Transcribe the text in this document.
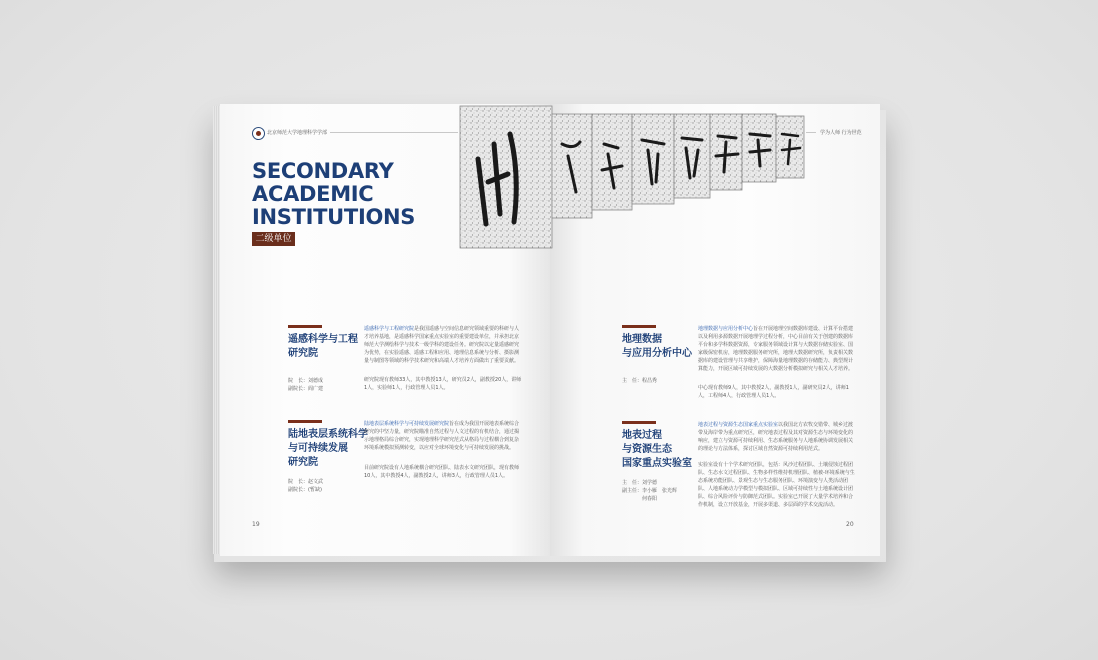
北京师范大学地理科学学部	学为人师 行为世范
SECONDARY
ACADEMIC
INSTITUTIONS
二级单位
遥感科学与工程
研究院
院　长：刘德成
副院长：阎广建
遥感科学与工程研究院是我国遥感与空间信息研究领域重要的科研与人才培养基地，是遥感科学国家重点实验室的重要建设单位，并承担北京师范大学测绘科学与技术一级学科的建设任务。研究院以定量遥感研究为优势，在实验遥感、遥感工程和应用、地理信息系统与分析、摄影测量与制图等领域的科学技术研究和高端人才培养方面做出了重要贡献。
研究院现有教师33人，其中教授13人，研究员2人，副教授20人，讲师1人，实验师1人，行政管理人员1人。
陆地表层系统科学
与可持续发展
研究院
院　长：赵文武
副院长：(暂缺)
陆地表层系统科学与可持续发展研究院旨在成为我国开展地表系统综合研究的中坚力量，研究院瞄准自然过程与人文过程的有机结合，通过揭示地理格局综合研究，实现地理科学研究范式从格局与过程耦合到复杂环境系统模拟预测转变，以应对全球环境变化与可持续发展的挑战。
目前研究院设有人地系统耦合研究团队、陆表水文研究团队，现有教师10人，其中教授4人，副教授2人，讲师3人，行政管理人员1人。
地理数据
与应用分析中心
主　任：程昌秀
地理数据与应用分析中心旨在开展地理空间数据库建设、计算平台搭建以及利用多源数据开展地理学过程分析，中心目前有关于创建的数据库平台和多学科数据资源，专家服务领域设计算与大数据存储实验室、国家级保密机房，地理数据服务研究所，地理大数据研究所，负责相关数据库的建设管理与共享维护，保障海量地理数据的存储能力、典型规计算能力，开展区域可持续发展的大数据分析模拟研究与相关人才培养。
中心现有教师9人，其中教授2人，副教授1人，副研究员2人，讲师1人，工程师4人，行政管理人员1人。
地表过程
与资源生态
国家重点实验室
主　任：刘学德
副主任：李小雁　张光辉
　　　　何春阳
地表过程与资源生态国家重点实验室以我国北方农牧交错带、城乡过渡带及海岸带为重点研究区，研究地表过程及其对资源生态与环境变化的响应，建立与资源可持续利用、生态系统服务与人地系统协调发展相关的理论与方法体系，探讨区域自然资源可持续利用范式。
实验室设有十个学术研究团队，包括：风沙过程团队、土壤侵蚀过程团队、生态水文过程团队、生物多样性维持机理团队、植被-环境系统与生态系统功能团队、景观生态与生态服务团队、环境演变与人类活动团队、人地系统动力学模型与模拟团队、区域可持续性与土地系统设计团队、综合风险评价与防御范式团队。实验室已开展了大量学术培养和合作机制，设立开放基金，开展多渠道、多层面的学术交流活动。
19	20
